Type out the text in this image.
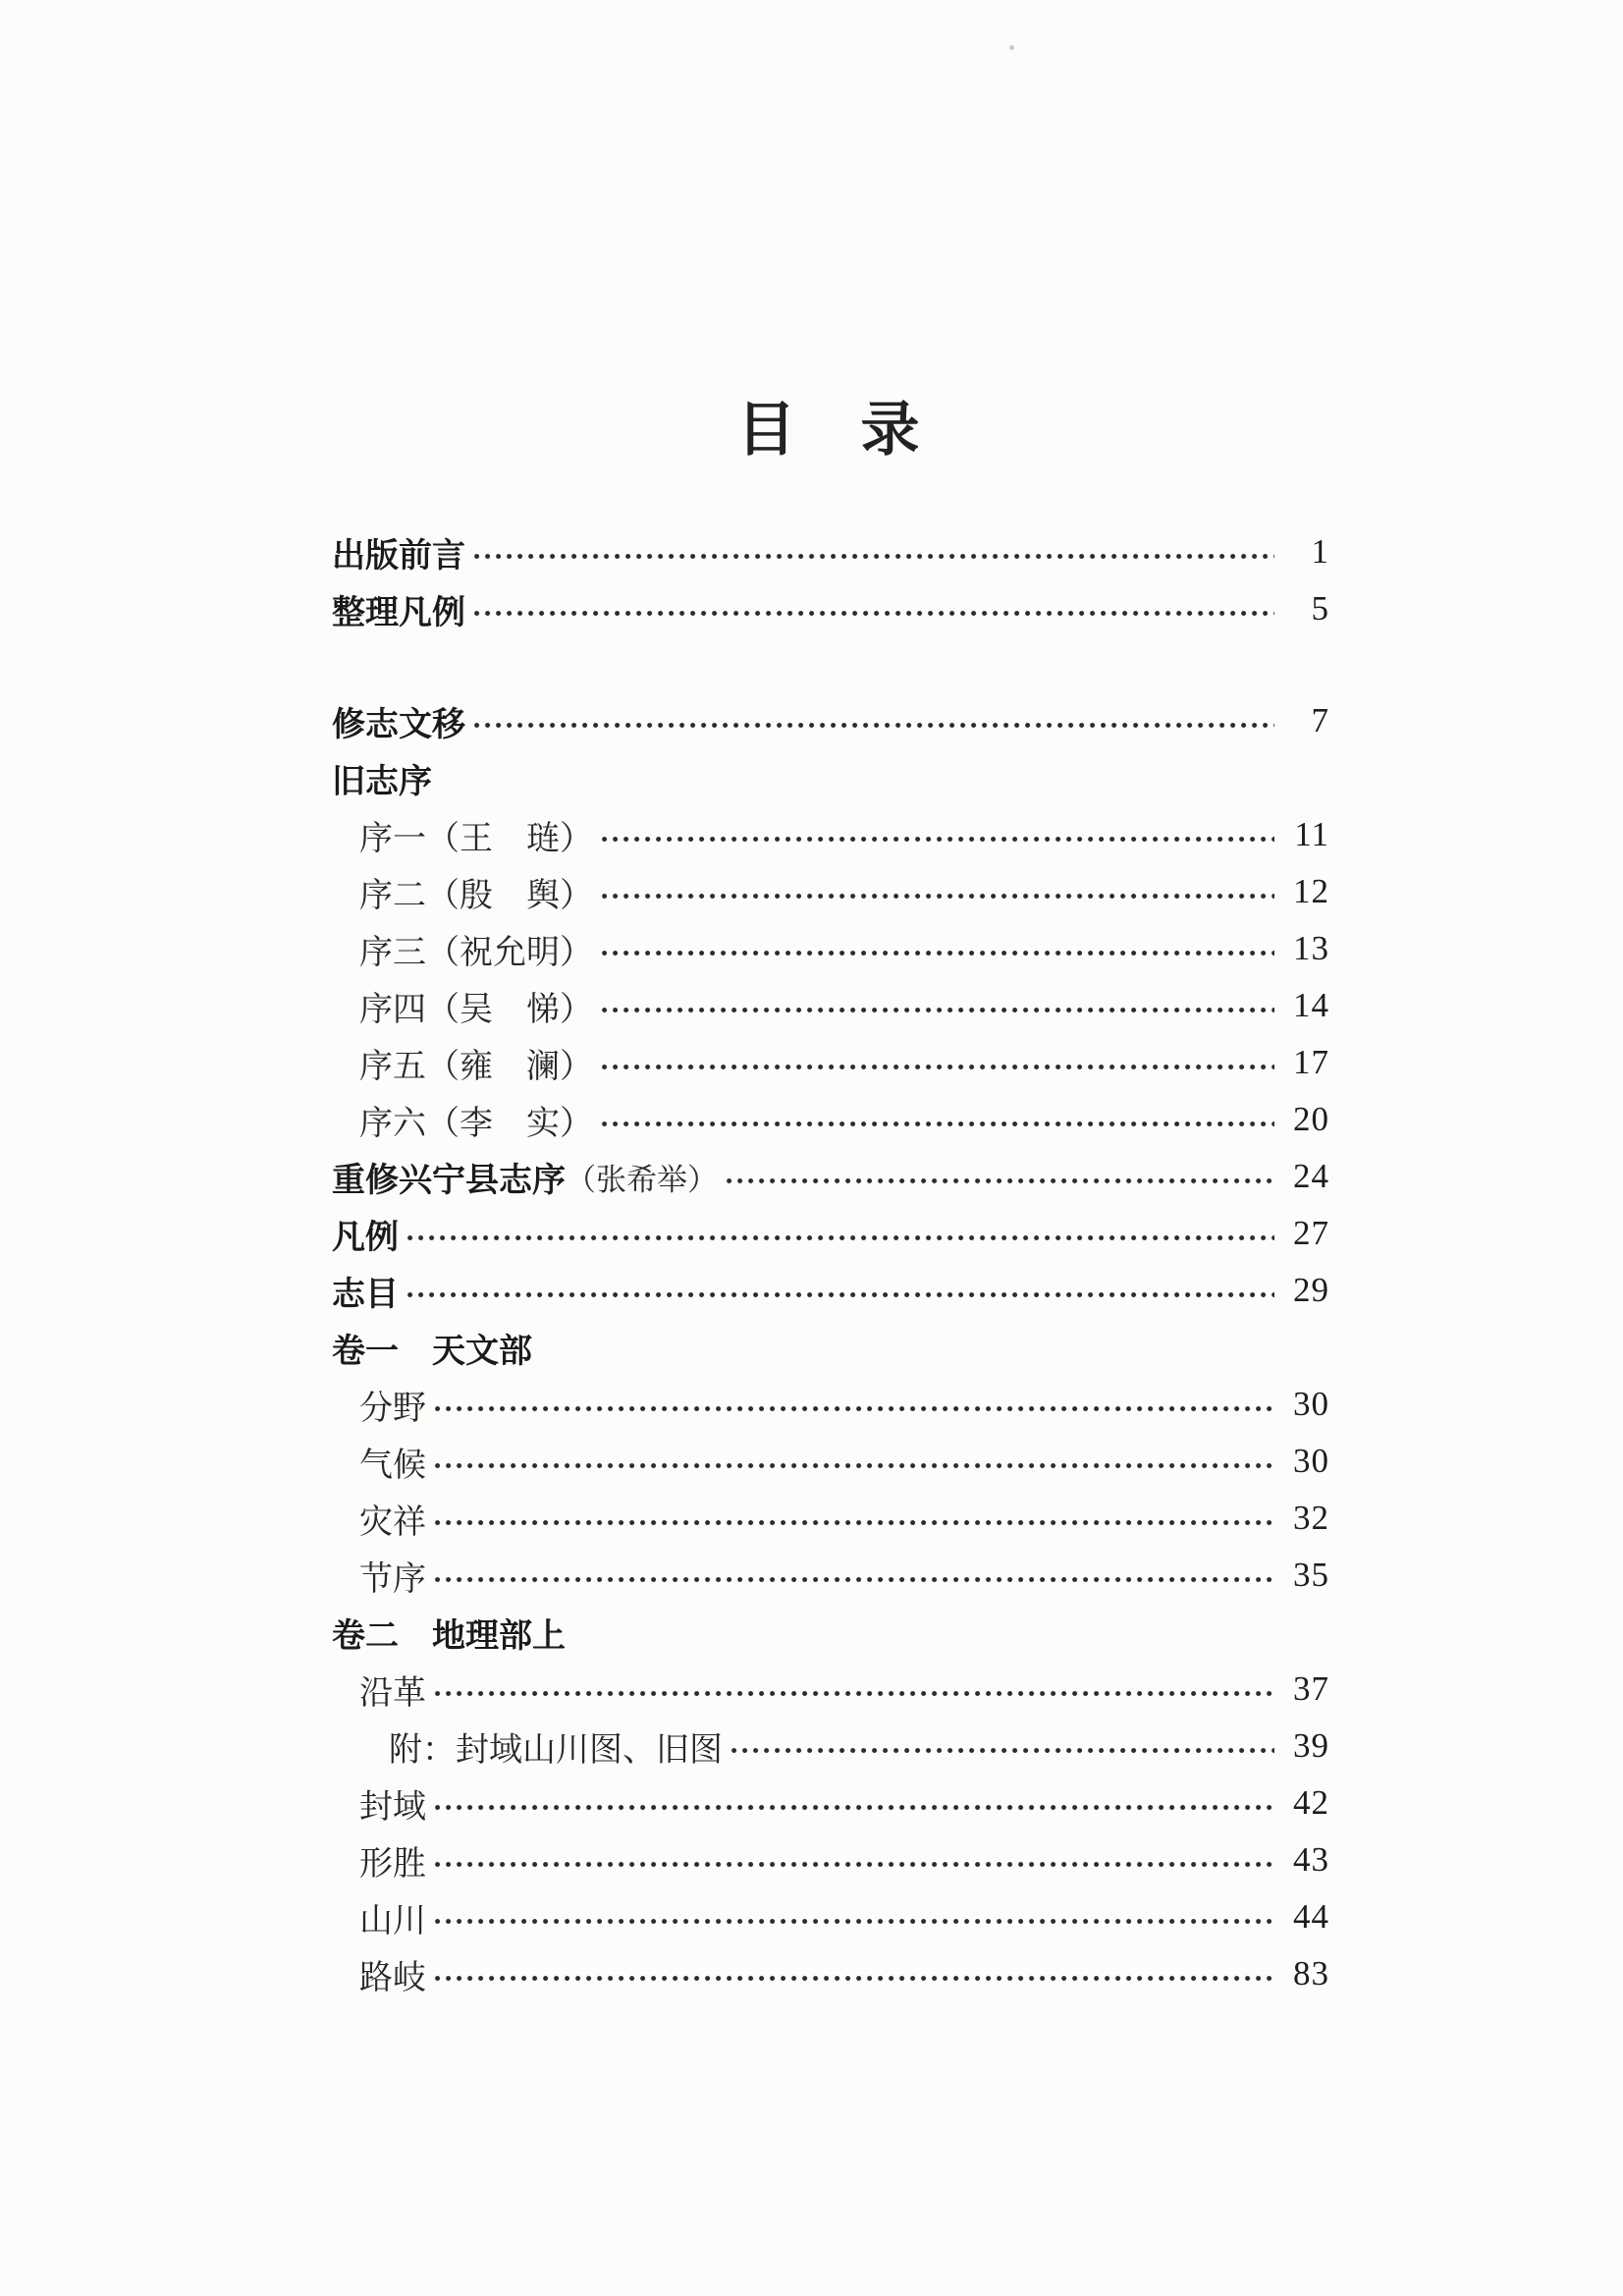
目　录
出版前言	1
整理凡例	5
修志文移	7
旧志序
序一（王　琏）	11
序二（殷　舆）	12
序三（祝允明）	13
序四（吴　悌）	14
序五（雍　澜）	17
序六（李　实）	20
重修兴宁县志序 （张希举）	24
凡例	27
志目	29
卷一　天文部
分野	30
气候	30
灾祥	32
节序	35
卷二　地理部上
沿革	37
附：封域山川图、旧图	39
封域	42
形胜	43
山川	44
路岐	83
